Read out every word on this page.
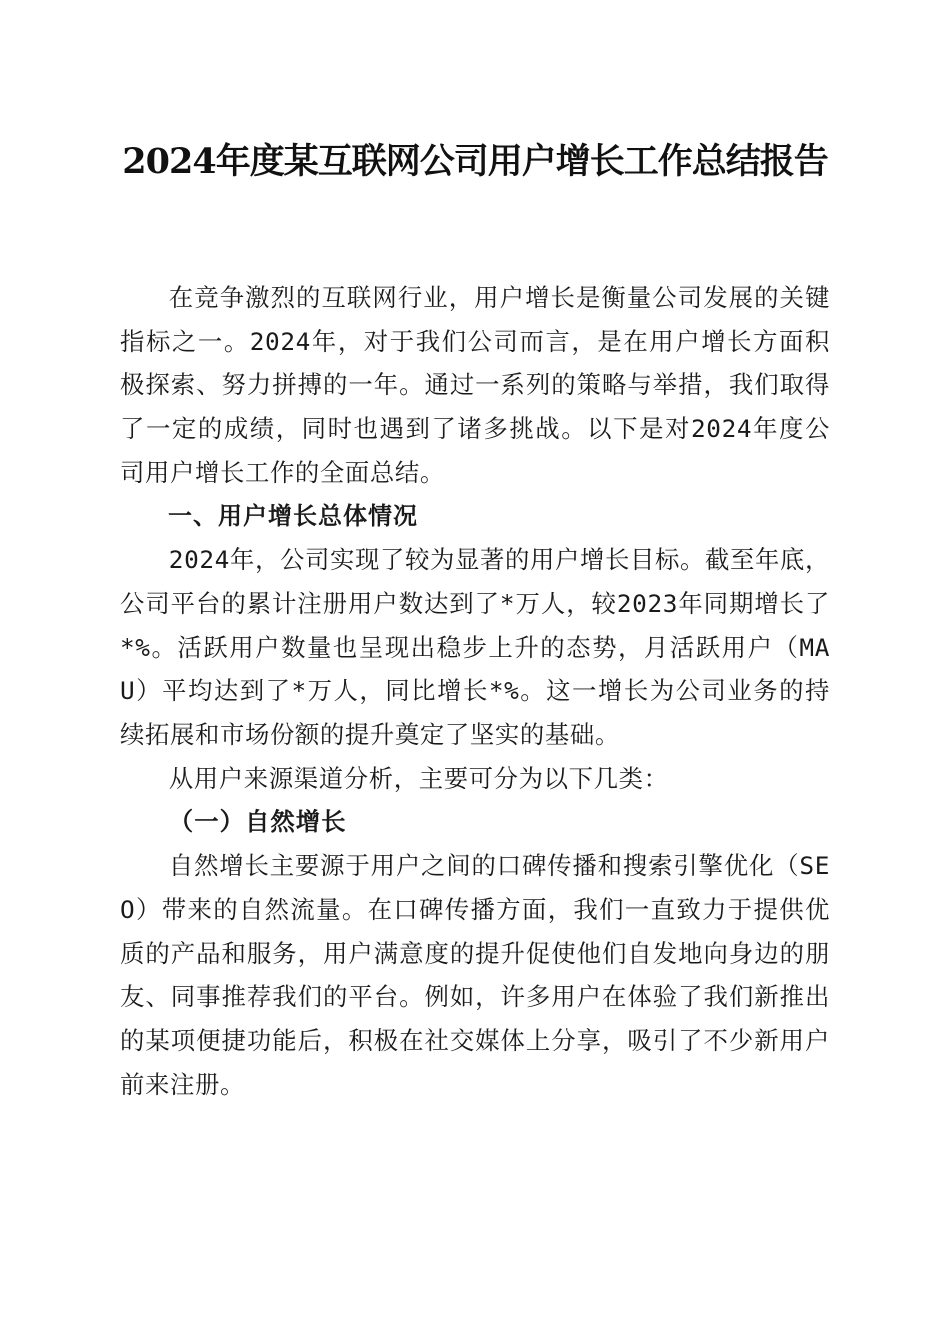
2024年度某互联网公司用户增长工作总结报告

在竞争激烈的互联网行业，用户增长是衡量公司发展的关键指标之一。2024年，对于我们公司而言，是在用户增长方面积极探索、努力拼搏的一年。通过一系列的策略与举措，我们取得了一定的成绩，同时也遇到了诸多挑战。以下是对2024年度公司用户增长工作的全面总结。

一、用户增长总体情况

2024年，公司实现了较为显著的用户增长目标。截至年底，公司平台的累计注册用户数达到了*万人，较2023年同期增长了*%。活跃用户数量也呈现出稳步上升的态势，月活跃用户（MAU）平均达到了*万人，同比增长*%。这一增长为公司业务的持续拓展和市场份额的提升奠定了坚实的基础。

从用户来源渠道分析，主要可分为以下几类：

（一）自然增长

自然增长主要源于用户之间的口碑传播和搜索引擎优化（SEO）带来的自然流量。在口碑传播方面，我们一直致力于提供优质的产品和服务，用户满意度的提升促使他们自发地向身边的朋友、同事推荐我们的平台。例如，许多用户在体验了我们新推出的某项便捷功能后，积极在社交媒体上分享，吸引了不少新用户前来注册。
